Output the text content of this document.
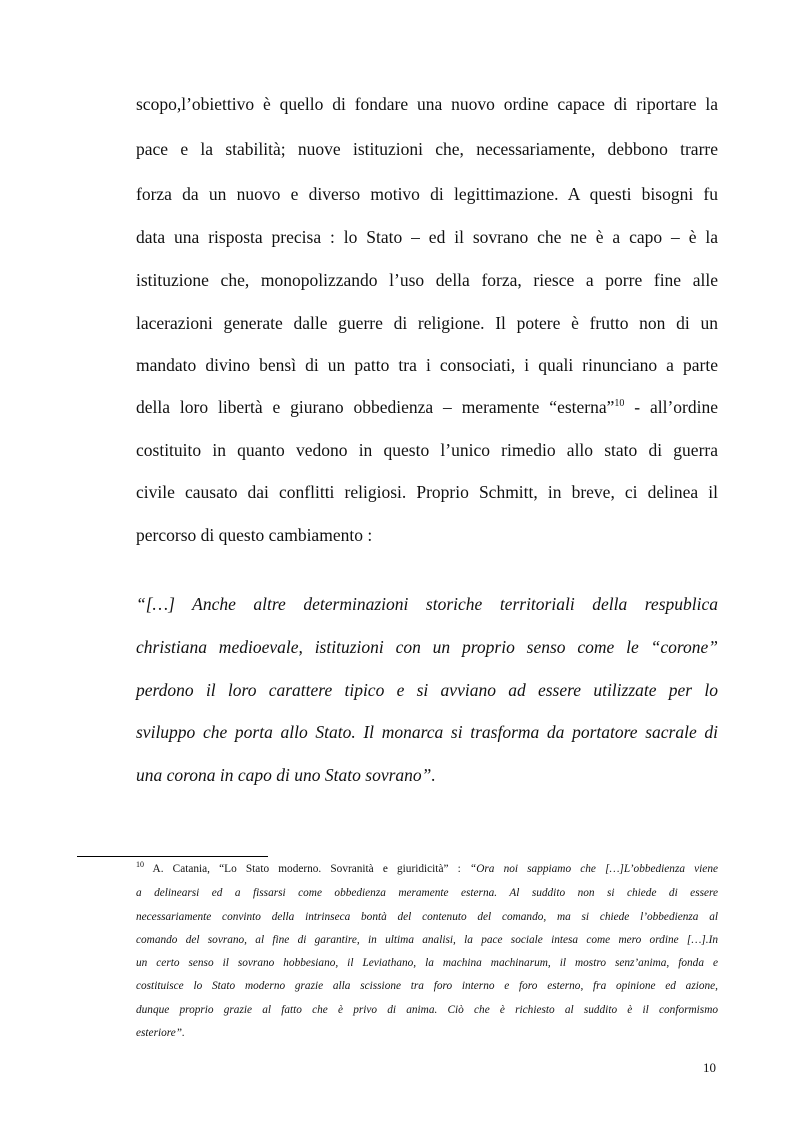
scopo,l’obiettivo è quello di fondare una nuovo ordine capace di riportare la
pace e la stabilità; nuove istituzioni che, necessariamente, debbono trarre
forza da un nuovo e diverso motivo di legittimazione. A questi bisogni fu
data una risposta precisa : lo Stato – ed il sovrano che ne è a capo – è la
istituzione che, monopolizzando l’uso della forza, riesce a porre fine alle
lacerazioni generate dalle guerre di religione. Il potere è frutto non di un
mandato divino bensì di un patto tra i consociati, i quali rinunciano a parte
della loro libertà e giurano obbedienza – meramente “esterna”$^{10}$ - all’ordine
costituito in quanto vedono in questo l’unico rimedio allo stato di guerra
civile causato dai conflitti religiosi. Proprio Schmitt, in breve, ci delinea il
percorso di questo cambiamento :
“[…] Anche altre determinazioni storiche territoriali della respublica
christiana medioevale, istituzioni con un proprio senso come le “corone”
perdono il loro carattere tipico e si avviano ad essere utilizzate per lo
sviluppo che porta allo Stato. Il monarca si trasforma da portatore sacrale di
una corona in capo di uno Stato sovrano”.
$^{10}$ A. Catania, “Lo Stato moderno. Sovranità e giuridicità” : “Ora noi sappiamo che […]L’obbedienza viene
a delinearsi ed a fissarsi come obbedienza meramente esterna. Al suddito non si chiede di essere
necessariamente convinto della intrinseca bontà del contenuto del comando, ma si chiede l’obbedienza al
comando del sovrano, al fine di garantire, in ultima analisi, la pace sociale intesa come mero ordine […].In
un certo senso il sovrano hobbesiano, il Leviathano, la machina machinarum, il mostro senz’anima, fonda e
costituisce lo Stato moderno grazie alla scissione tra foro interno e foro esterno, fra opinione ed azione,
dunque proprio grazie al fatto che è privo di anima. Ciò che è richiesto al suddito è il conformismo
esteriore”.
10
